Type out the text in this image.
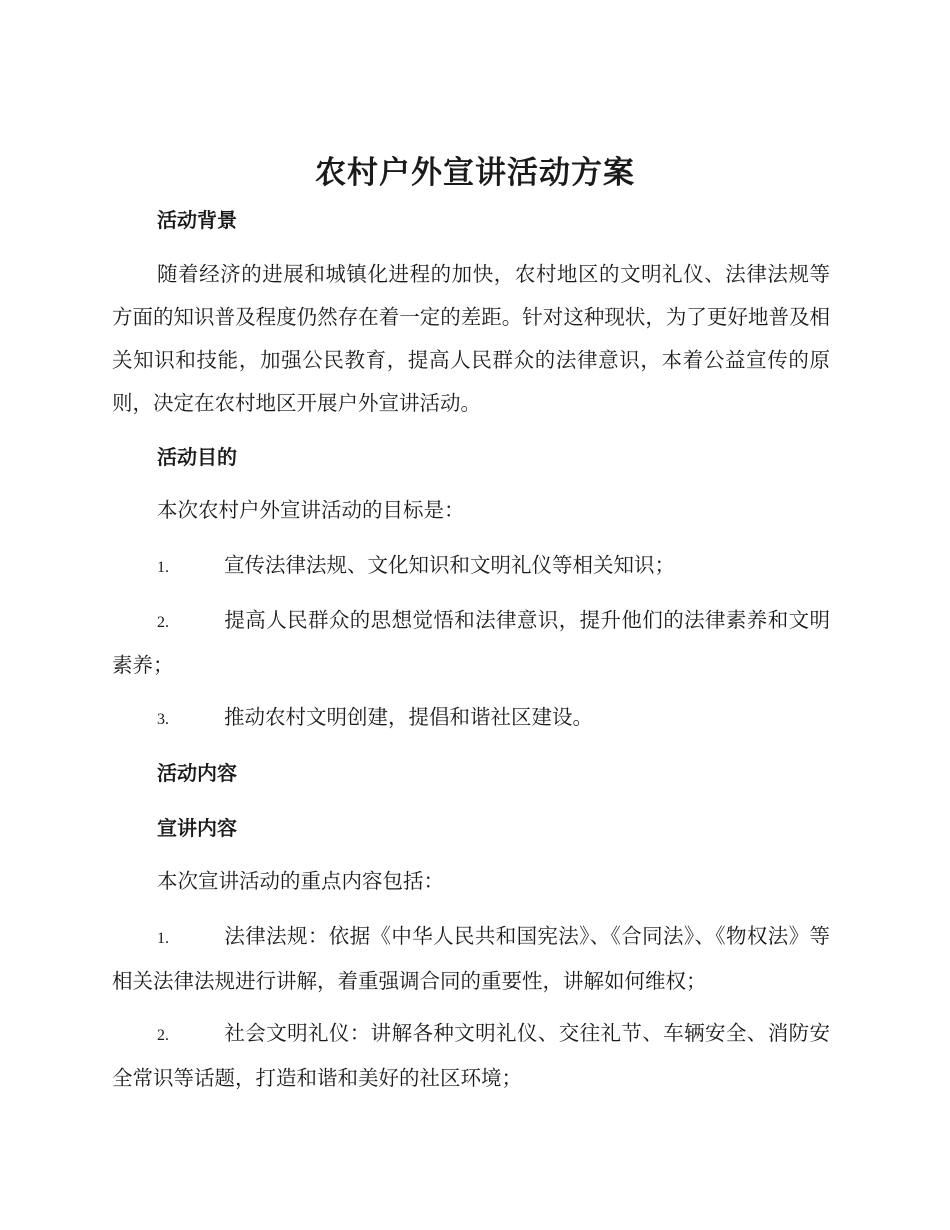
农村户外宣讲活动方案
活动背景

随着经济的进展和城镇化进程的加快，农村地区的文明礼仪、法律法规等方面的知识普及程度仍然存在着一定的差距。针对这种现状，为了更好地普及相关知识和技能，加强公民教育，提高人民群众的法律意识，本着公益宣传的原则，决定在农村地区开展户外宣讲活动。

活动目的

本次农村户外宣讲活动的目标是：

1.	宣传法律法规、文化知识和文明礼仪等相关知识；

2.	提高人民群众的思想觉悟和法律意识，提升他们的法律素养和文明素养；

3.	推动农村文明创建，提倡和谐社区建设。

活动内容
宣讲内容

本次宣讲活动的重点内容包括：

1.	法律法规：依据《中华人民共和国宪法》、《合同法》、《物权法》等相关法律法规进行讲解，着重强调合同的重要性，讲解如何维权；

2.	社会文明礼仪：讲解各种文明礼仪、交往礼节、车辆安全、消防安全常识等话题，打造和谐和美好的社区环境；
